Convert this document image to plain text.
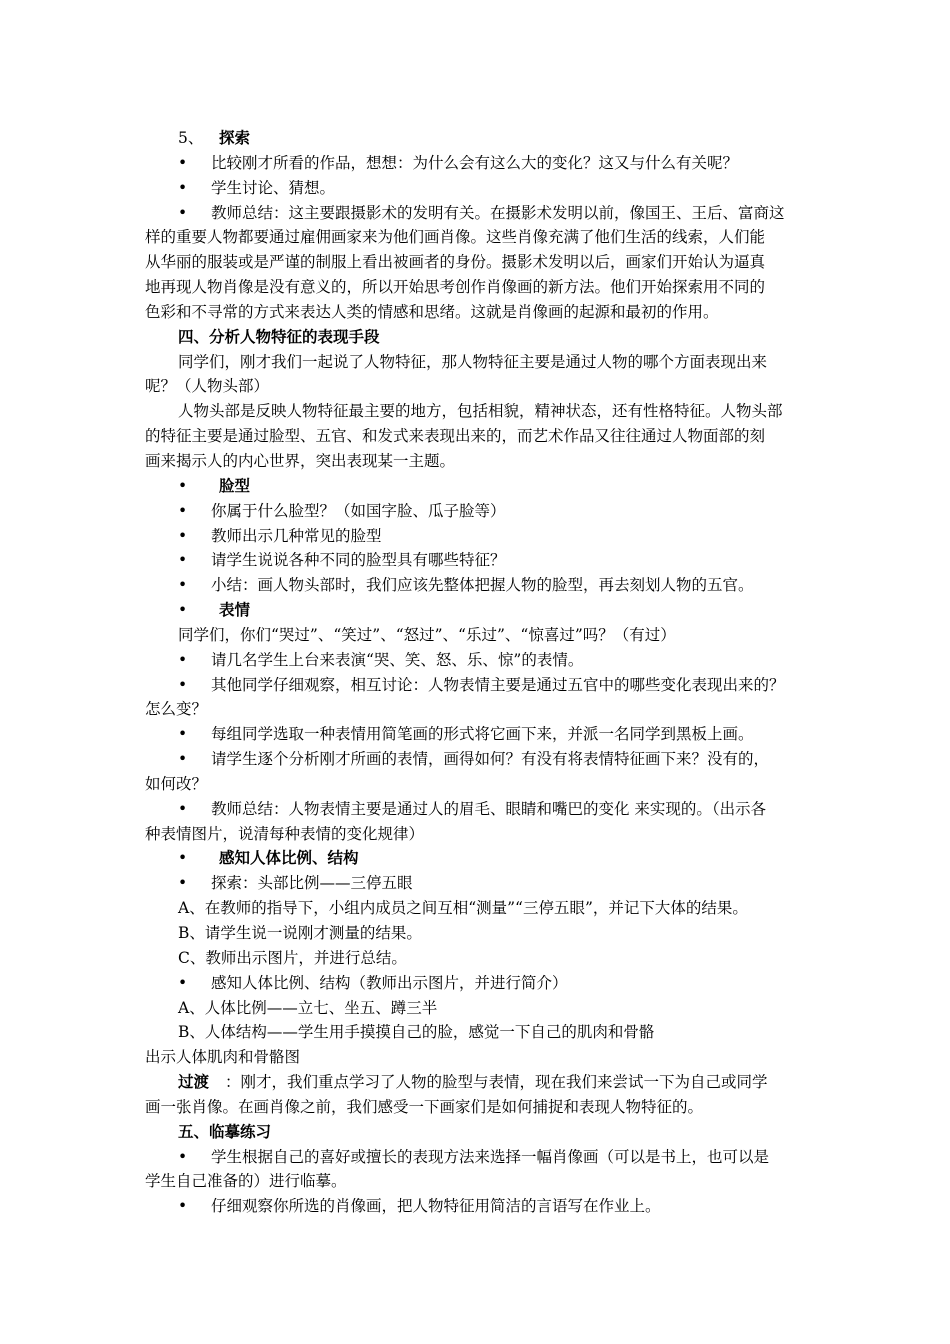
5、 探索
• 比较刚才所看的作品，想想：为什么会有这么大的变化？这又与什么有关呢？
• 学生讨论、猜想。
• 教师总结：这主要跟摄影术的发明有关。在摄影术发明以前，像国王、王后、富商这
样的重要人物都要通过雇佣画家来为他们画肖像。这些肖像充满了他们生活的线索，人们能
从华丽的服装或是严谨的制服上看出被画者的身份。摄影术发明以后，画家们开始认为逼真
地再现人物肖像是没有意义的，所以开始思考创作肖像画的新方法。他们开始探索用不同的
色彩和不寻常的方式来表达人类的情感和思绪。这就是肖像画的起源和最初的作用。
四、分析人物特征的表现手段
同学们，刚才我们一起说了人物特征，那人物特征主要是通过人物的哪个方面表现出来
呢？（人物头部）
人物头部是反映人物特征最主要的地方，包括相貌，精神状态，还有性格特征。人物头部
的特征主要是通过脸型、五官、和发式来表现出来的，而艺术作品又往往通过人物面部的刻
画来揭示人的内心世界，突出表现某一主题。
• 脸型
• 你属于什么脸型？（如国字脸、瓜子脸等）
• 教师出示几种常见的脸型
• 请学生说说各种不同的脸型具有哪些特征？
• 小结：画人物头部时，我们应该先整体把握人物的脸型，再去刻划人物的五官。
• 表情
同学们，你们“哭过”、“笑过”、“怒过”、“乐过”、“惊喜过”吗？（有过）
• 请几名学生上台来表演“哭、笑、怒、乐、惊”的表情。
• 其他同学仔细观察，相互讨论：人物表情主要是通过五官中的哪些变化表现出来的？
怎么变？
• 每组同学选取一种表情用简笔画的形式将它画下来，并派一名同学到黑板上画。
• 请学生逐个分析刚才所画的表情，画得如何？有没有将表情特征画下来？没有的，
如何改？
• 教师总结：人物表情主要是通过人的眉毛、眼睛和嘴巴的变化 来实现的。（出示各
种表情图片，说清每种表情的变化规律）
• 感知人体比例、结构
• 探索：头部比例——三停五眼
A、在教师的指导下，小组内成员之间互相“测量”“三停五眼”，并记下大体的结果。
B、请学生说一说刚才测量的结果。
C、教师出示图片，并进行总结。
• 感知人体比例、结构（教师出示图片，并进行简介）
A、人体比例——立七、坐五、蹲三半
B、人体结构——学生用手摸摸自己的脸，感觉一下自己的肌肉和骨骼
出示人体肌肉和骨骼图
过渡 ：刚才，我们重点学习了人物的脸型与表情，现在我们来尝试一下为自己或同学
画一张肖像。在画肖像之前，我们感受一下画家们是如何捕捉和表现人物特征的。
五、临摹练习
• 学生根据自己的喜好或擅长的表现方法来选择一幅肖像画（可以是书上，也可以是
学生自己准备的）进行临摹。
• 仔细观察你所选的肖像画，把人物特征用简洁的言语写在作业上。
